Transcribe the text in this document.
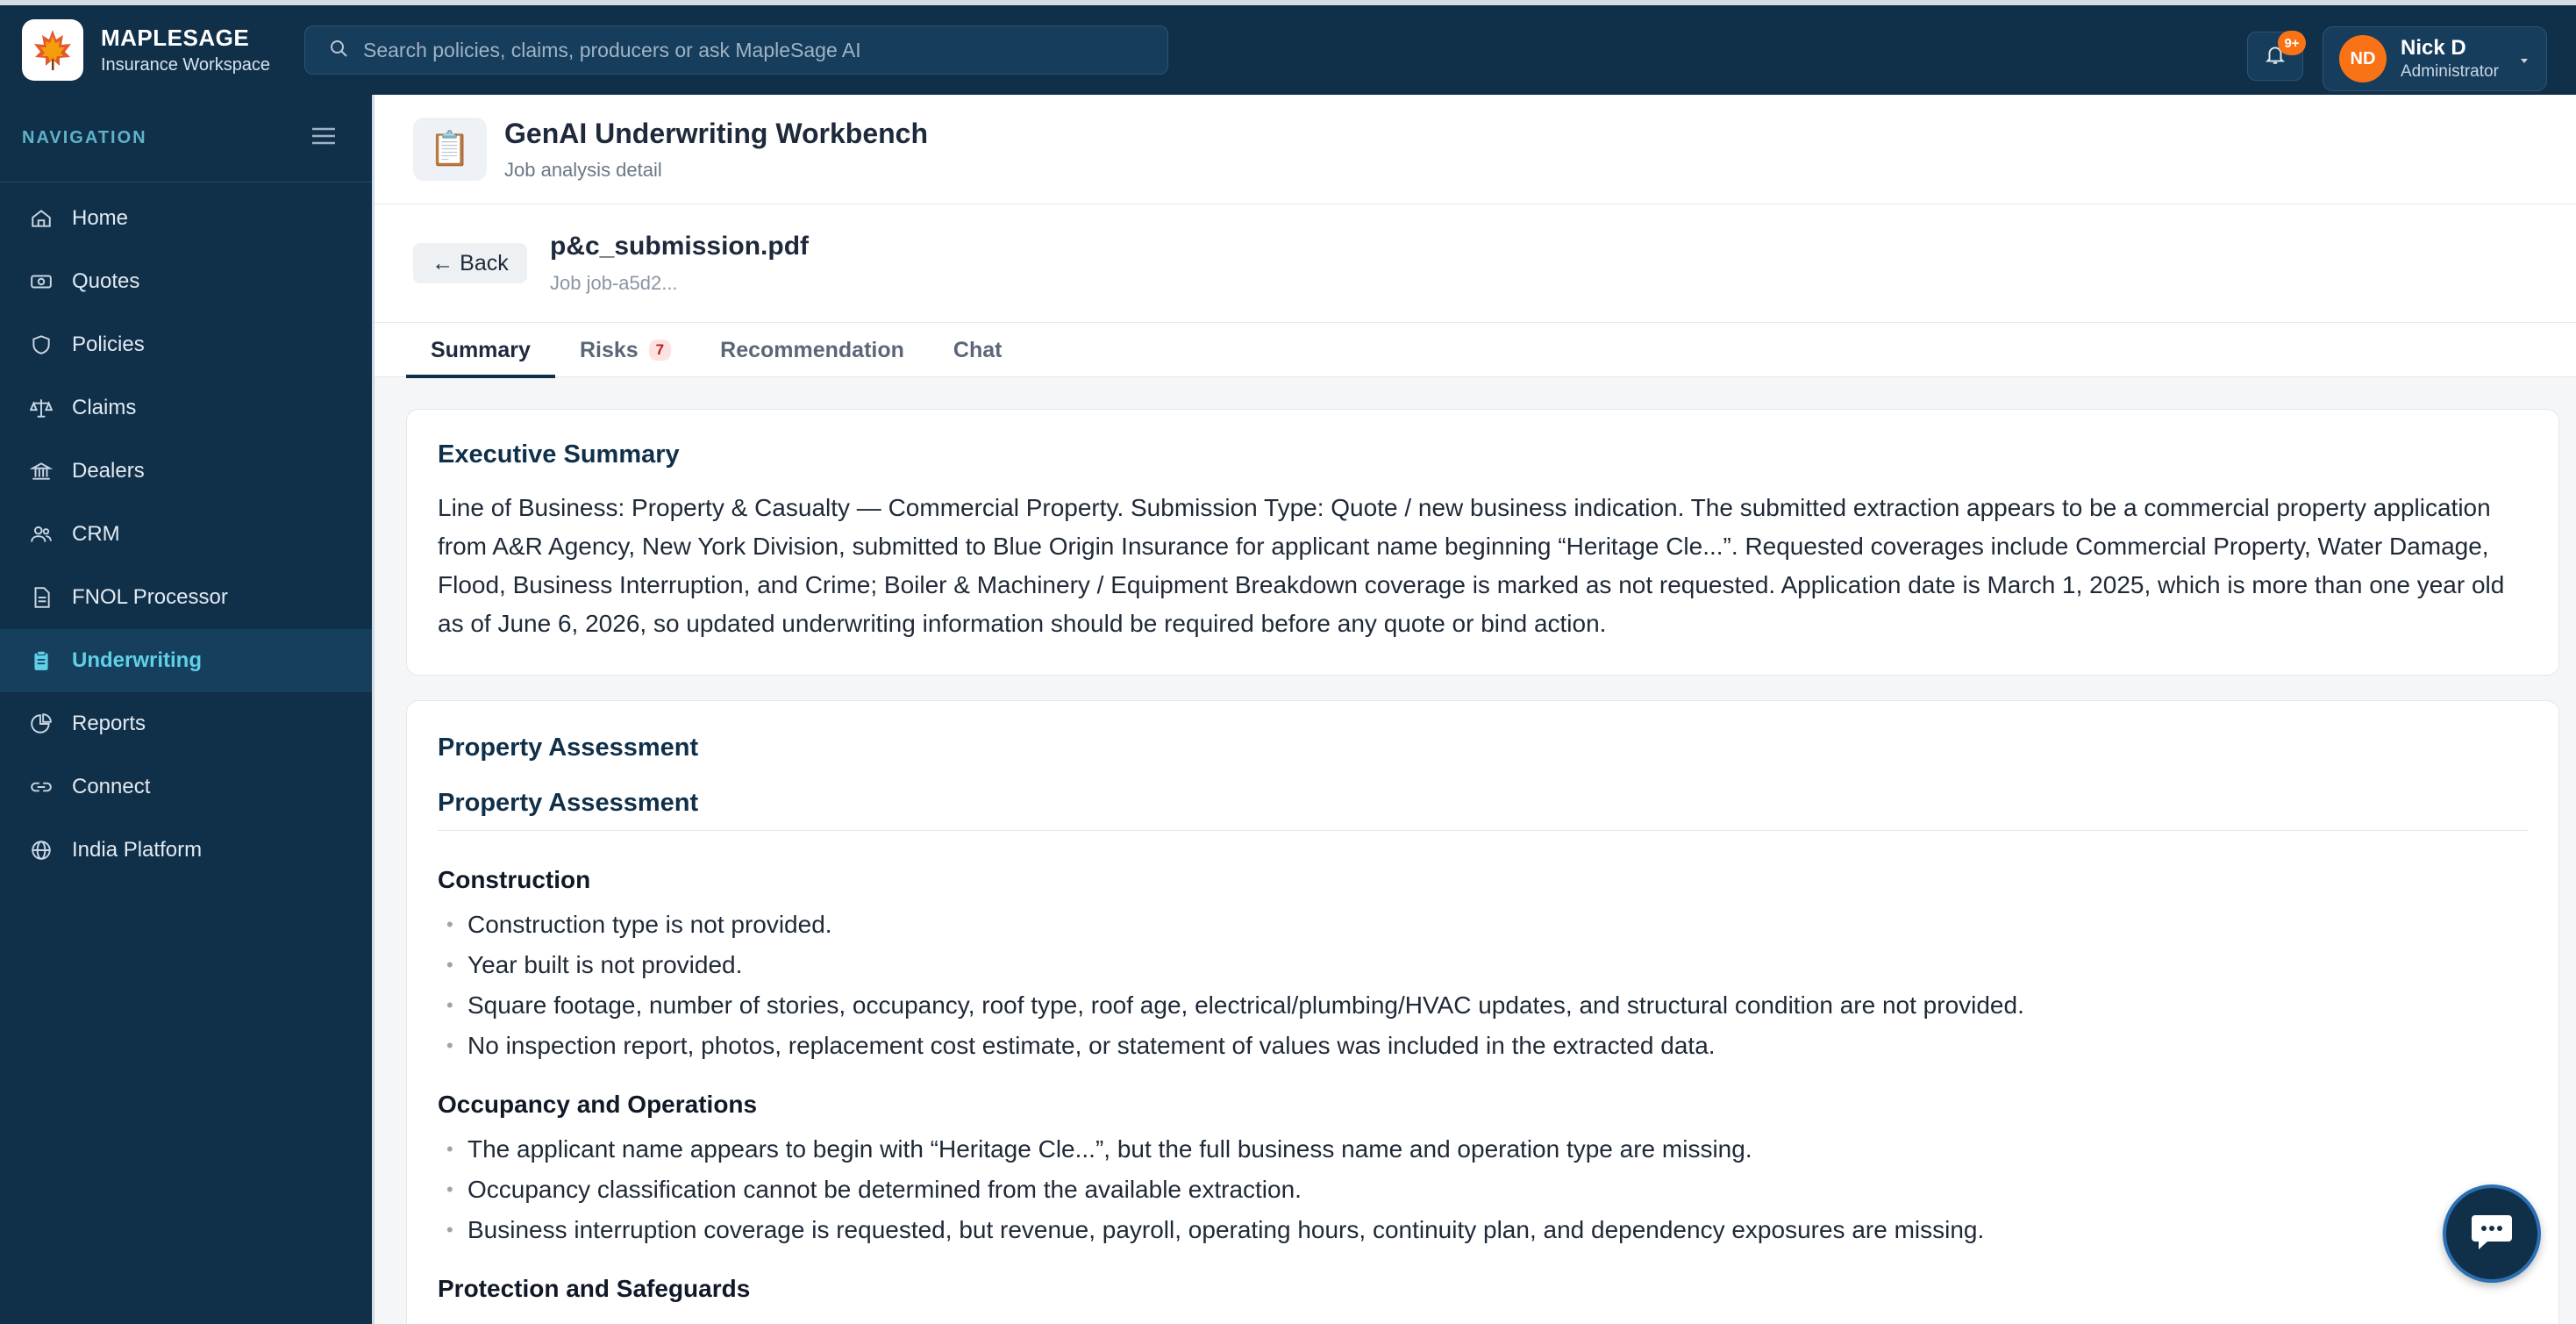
MAPLESAGE
Insurance Workspace
Search policies, claims, producers or ask MapleSage AI
9+
ND	Nick D
Administrator
NAVIGATION
Home
Quotes
Policies
Claims
Dealers
CRM
FNOL Processor
Underwriting
Reports
Connect
India Platform
📋	GenAI Underwriting Workbench
Job analysis detail
← Back
p&c_submission.pdf
Job job-a5d2...
Summary Risks	7	Recommendation Chat
Executive Summary

Line of Business: Property & Casualty — Commercial Property. Submission Type: Quote / new business indication. The submitted extraction appears to be a commercial property application from A&R Agency, New York Division, submitted to Blue Origin Insurance for applicant name beginning “Heritage Cle...”. Requested coverages include Commercial Property, Water Damage, Flood, Business Interruption, and Crime; Boiler & Machinery / Equipment Breakdown coverage is marked as not requested. Application date is March 1, 2025, which is more than one year old as of June 6, 2026, so updated underwriting information should be required before any quote or bind action.

Property Assessment
Property Assessment
Construction
• Construction type is not provided.
• Year built is not provided.
• Square footage, number of stories, occupancy, roof type, roof age, electrical/plumbing/HVAC updates, and structural condition are not provided.
• No inspection report, photos, replacement cost estimate, or statement of values was included in the extracted data.
Occupancy and Operations
• The applicant name appears to begin with “Heritage Cle...”, but the full business name and operation type are missing.
• Occupancy classification cannot be determined from the available extraction.
• Business interruption coverage is requested, but revenue, payroll, operating hours, continuity plan, and dependency exposures are missing.
Protection and Safeguards
